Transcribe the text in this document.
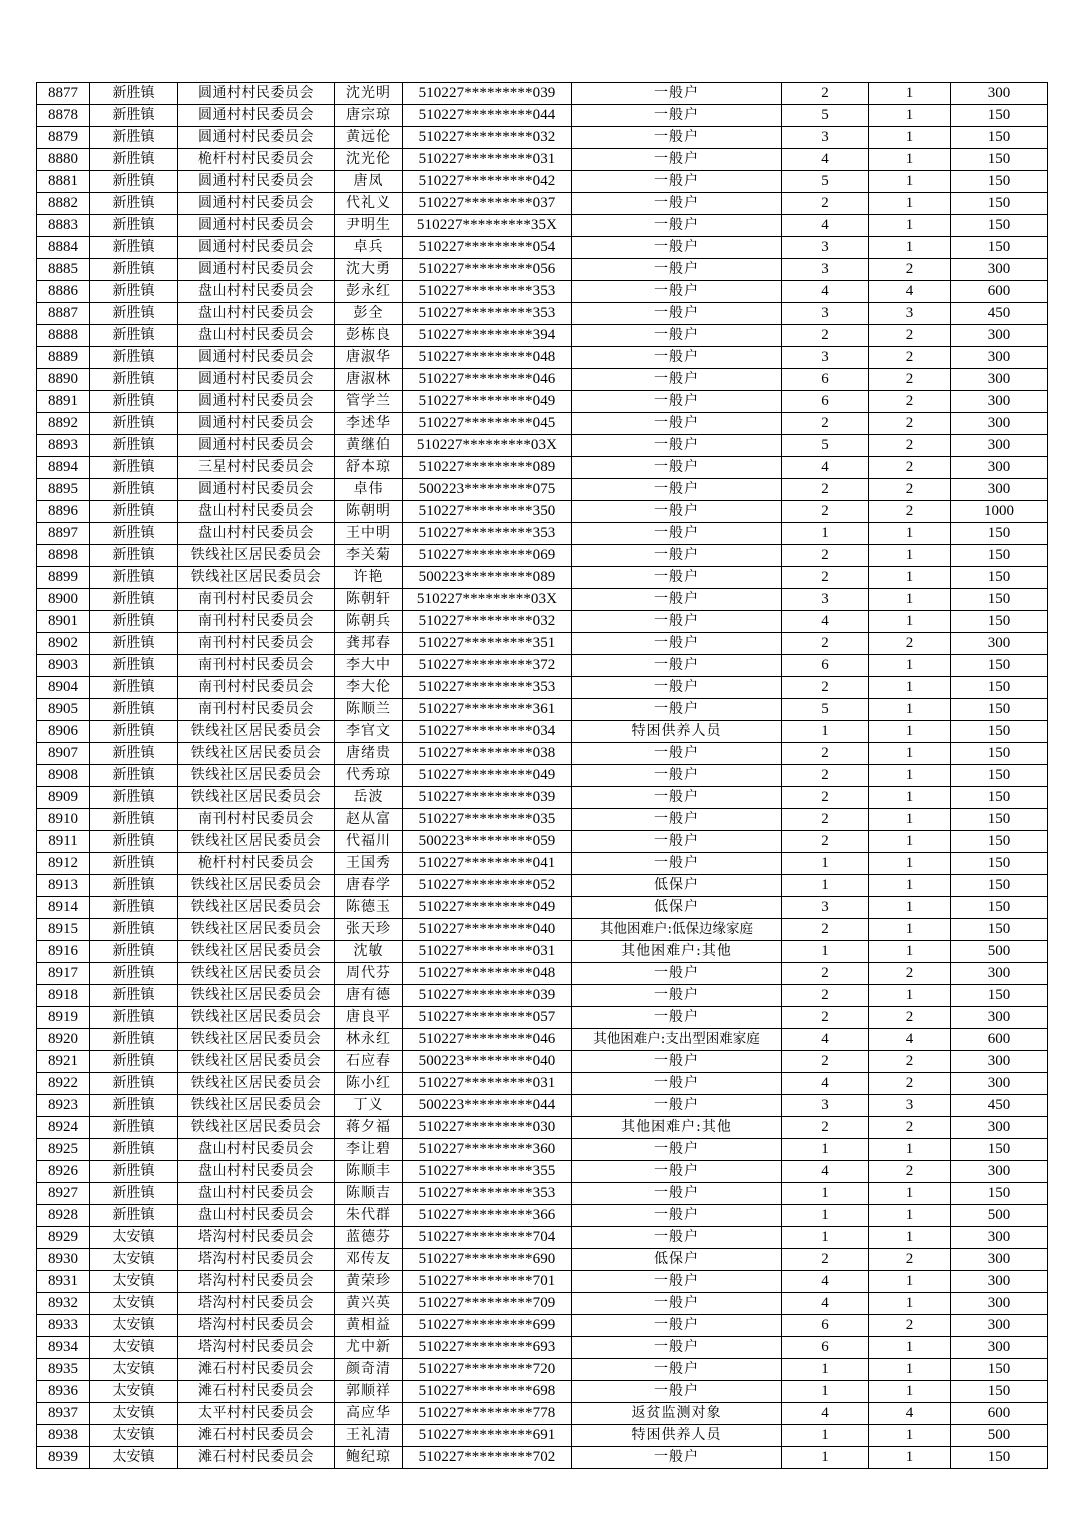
8877	新胜镇	圆通村村民委员会	沈光明	510227*********039	一般户	2	1	300
8878	新胜镇	圆通村村民委员会	唐宗琼	510227*********044	一般户	5	1	150
8879	新胜镇	圆通村村民委员会	黄远伦	510227*********032	一般户	3	1	150
8880	新胜镇	桅杆村村民委员会	沈光伦	510227*********031	一般户	4	1	150
8881	新胜镇	圆通村村民委员会	唐凤	510227*********042	一般户	5	1	150
8882	新胜镇	圆通村村民委员会	代礼义	510227*********037	一般户	2	1	150
8883	新胜镇	圆通村村民委员会	尹明生	510227*********35X	一般户	4	1	150
8884	新胜镇	圆通村村民委员会	卓兵	510227*********054	一般户	3	1	150
8885	新胜镇	圆通村村民委员会	沈大勇	510227*********056	一般户	3	2	300
8886	新胜镇	盘山村村民委员会	彭永红	510227*********353	一般户	4	4	600
8887	新胜镇	盘山村村民委员会	彭全	510227*********353	一般户	3	3	450
8888	新胜镇	盘山村村民委员会	彭栋良	510227*********394	一般户	2	2	300
8889	新胜镇	圆通村村民委员会	唐淑华	510227*********048	一般户	3	2	300
8890	新胜镇	圆通村村民委员会	唐淑林	510227*********046	一般户	6	2	300
8891	新胜镇	圆通村村民委员会	管学兰	510227*********049	一般户	6	2	300
8892	新胜镇	圆通村村民委员会	李述华	510227*********045	一般户	2	2	300
8893	新胜镇	圆通村村民委员会	黄继伯	510227*********03X	一般户	5	2	300
8894	新胜镇	三星村村民委员会	舒本琼	510227*********089	一般户	4	2	300
8895	新胜镇	圆通村村民委员会	卓伟	500223*********075	一般户	2	2	300
8896	新胜镇	盘山村村民委员会	陈朝明	510227*********350	一般户	2	2	1000
8897	新胜镇	盘山村村民委员会	王中明	510227*********353	一般户	1	1	150
8898	新胜镇	铁线社区居民委员会	李关菊	510227*********069	一般户	2	1	150
8899	新胜镇	铁线社区居民委员会	许艳	500223*********089	一般户	2	1	150
8900	新胜镇	南刊村村民委员会	陈朝轩	510227*********03X	一般户	3	1	150
8901	新胜镇	南刊村村民委员会	陈朝兵	510227*********032	一般户	4	1	150
8902	新胜镇	南刊村村民委员会	龚邦春	510227*********351	一般户	2	2	300
8903	新胜镇	南刊村村民委员会	李大中	510227*********372	一般户	6	1	150
8904	新胜镇	南刊村村民委员会	李大伦	510227*********353	一般户	2	1	150
8905	新胜镇	南刊村村民委员会	陈顺兰	510227*********361	一般户	5	1	150
8906	新胜镇	铁线社区居民委员会	李官文	510227*********034	特困供养人员	1	1	150
8907	新胜镇	铁线社区居民委员会	唐绪贵	510227*********038	一般户	2	1	150
8908	新胜镇	铁线社区居民委员会	代秀琼	510227*********049	一般户	2	1	150
8909	新胜镇	铁线社区居民委员会	岳波	510227*********039	一般户	2	1	150
8910	新胜镇	南刊村村民委员会	赵从富	510227*********035	一般户	2	1	150
8911	新胜镇	铁线社区居民委员会	代福川	500223*********059	一般户	2	1	150
8912	新胜镇	桅杆村村民委员会	王国秀	510227*********041	一般户	1	1	150
8913	新胜镇	铁线社区居民委员会	唐春学	510227*********052	低保户	1	1	150
8914	新胜镇	铁线社区居民委员会	陈德玉	510227*********049	低保户	3	1	150
8915	新胜镇	铁线社区居民委员会	张天珍	510227*********040	其他困难户:低保边缘家庭	2	1	150
8916	新胜镇	铁线社区居民委员会	沈敏	510227*********031	其他困难户:其他	1	1	500
8917	新胜镇	铁线社区居民委员会	周代芬	510227*********048	一般户	2	2	300
8918	新胜镇	铁线社区居民委员会	唐有德	510227*********039	一般户	2	1	150
8919	新胜镇	铁线社区居民委员会	唐良平	510227*********057	一般户	2	2	300
8920	新胜镇	铁线社区居民委员会	林永红	510227*********046	其他困难户:支出型困难家庭	4	4	600
8921	新胜镇	铁线社区居民委员会	石应春	500223*********040	一般户	2	2	300
8922	新胜镇	铁线社区居民委员会	陈小红	510227*********031	一般户	4	2	300
8923	新胜镇	铁线社区居民委员会	丁义	500223*********044	一般户	3	3	450
8924	新胜镇	铁线社区居民委员会	蒋夕福	510227*********030	其他困难户:其他	2	2	300
8925	新胜镇	盘山村村民委员会	李让碧	510227*********360	一般户	1	1	150
8926	新胜镇	盘山村村民委员会	陈顺丰	510227*********355	一般户	4	2	300
8927	新胜镇	盘山村村民委员会	陈顺吉	510227*********353	一般户	1	1	150
8928	新胜镇	盘山村村民委员会	朱代群	510227*********366	一般户	1	1	500
8929	太安镇	塔沟村村民委员会	蓝德芬	510227*********704	一般户	1	1	300
8930	太安镇	塔沟村村民委员会	邓传友	510227*********690	低保户	2	2	300
8931	太安镇	塔沟村村民委员会	黄荣珍	510227*********701	一般户	4	1	300
8932	太安镇	塔沟村村民委员会	黄兴英	510227*********709	一般户	4	1	300
8933	太安镇	塔沟村村民委员会	黄相益	510227*********699	一般户	6	2	300
8934	太安镇	塔沟村村民委员会	尤中新	510227*********693	一般户	6	1	300
8935	太安镇	滩石村村民委员会	颜奇清	510227*********720	一般户	1	1	150
8936	太安镇	滩石村村民委员会	郭顺祥	510227*********698	一般户	1	1	150
8937	太安镇	太平村村民委员会	高应华	510227*********778	返贫监测对象	4	4	600
8938	太安镇	滩石村村民委员会	王礼清	510227*********691	特困供养人员	1	1	500
8939	太安镇	滩石村村民委员会	鲍纪琼	510227*********702	一般户	1	1	150
